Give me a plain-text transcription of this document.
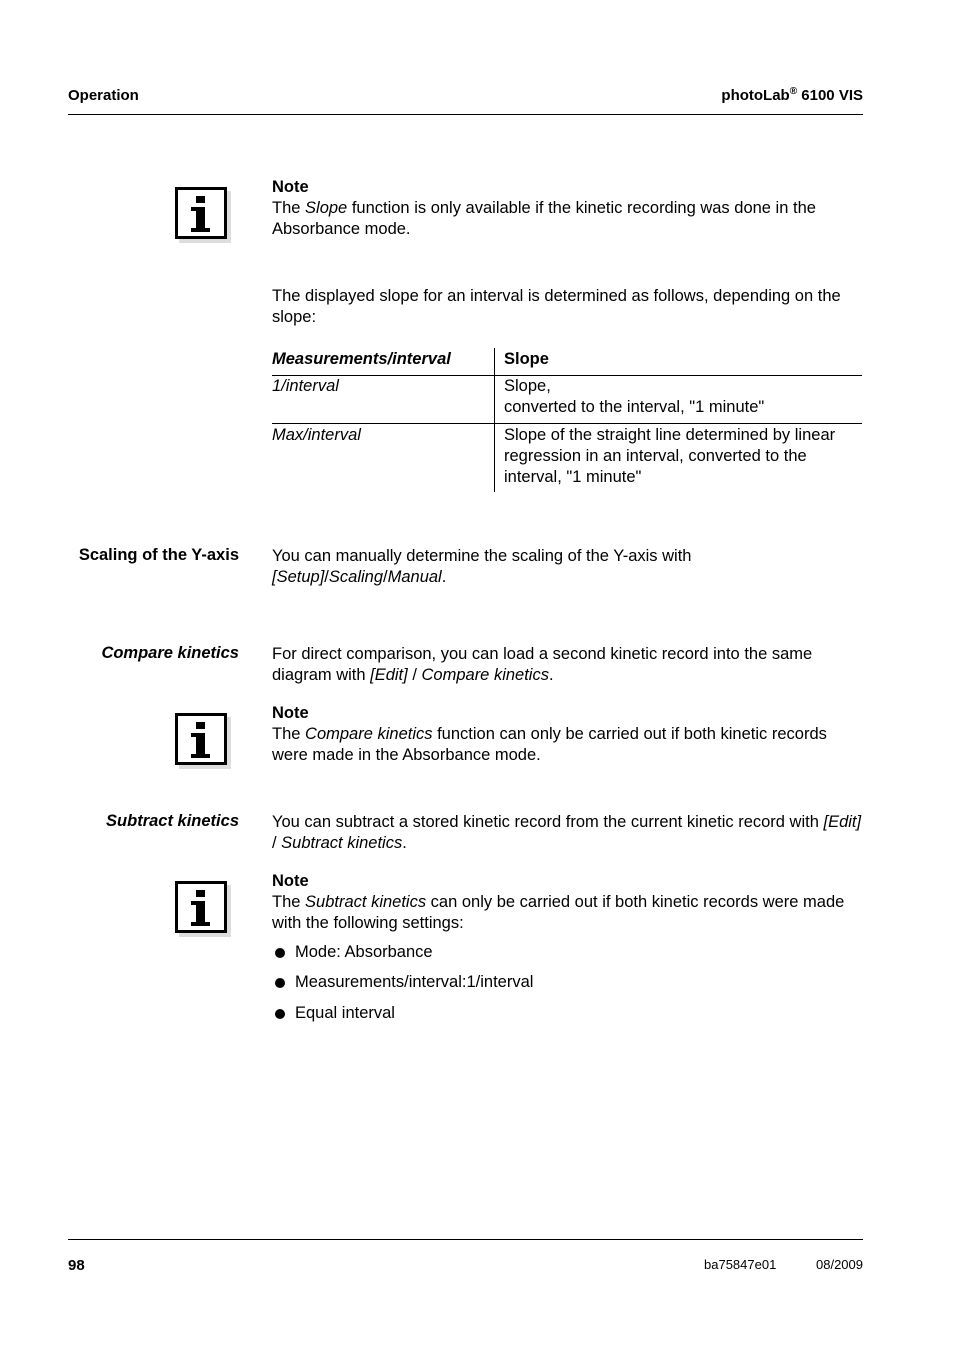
Operation	photoLab® 6100 VIS
Note
The Slope function is only available if the kinetic recording was done in the Absorbance mode.
The displayed slope for an interval is determined as follows, depending on the slope:
Measurements/interval	Slope
1/interval	Slope,
converted to the interval, "1 minute"

Max/interval	Slope of the straight line determined by linear regression in an interval, converted to the interval, "1 minute"
Scaling of the Y-axis You can manually determine the scaling of the Y-axis with [Setup]/Scaling/Manual.
Compare kinetics For direct comparison, you can load a second kinetic record into the same diagram with [Edit] / Compare kinetics.
Note
The Compare kinetics function can only be carried out if both kinetic records were made in the Absorbance mode.
Subtract kinetics You can subtract a stored kinetic record from the current kinetic record with [Edit] / Subtract kinetics.
Note
The Subtract kinetics can only be carried out if both kinetic records were made with the following settings:
Mode: Absorbance
Measurements/interval:1/interval
Equal interval
98	ba75847e01	08/2009
